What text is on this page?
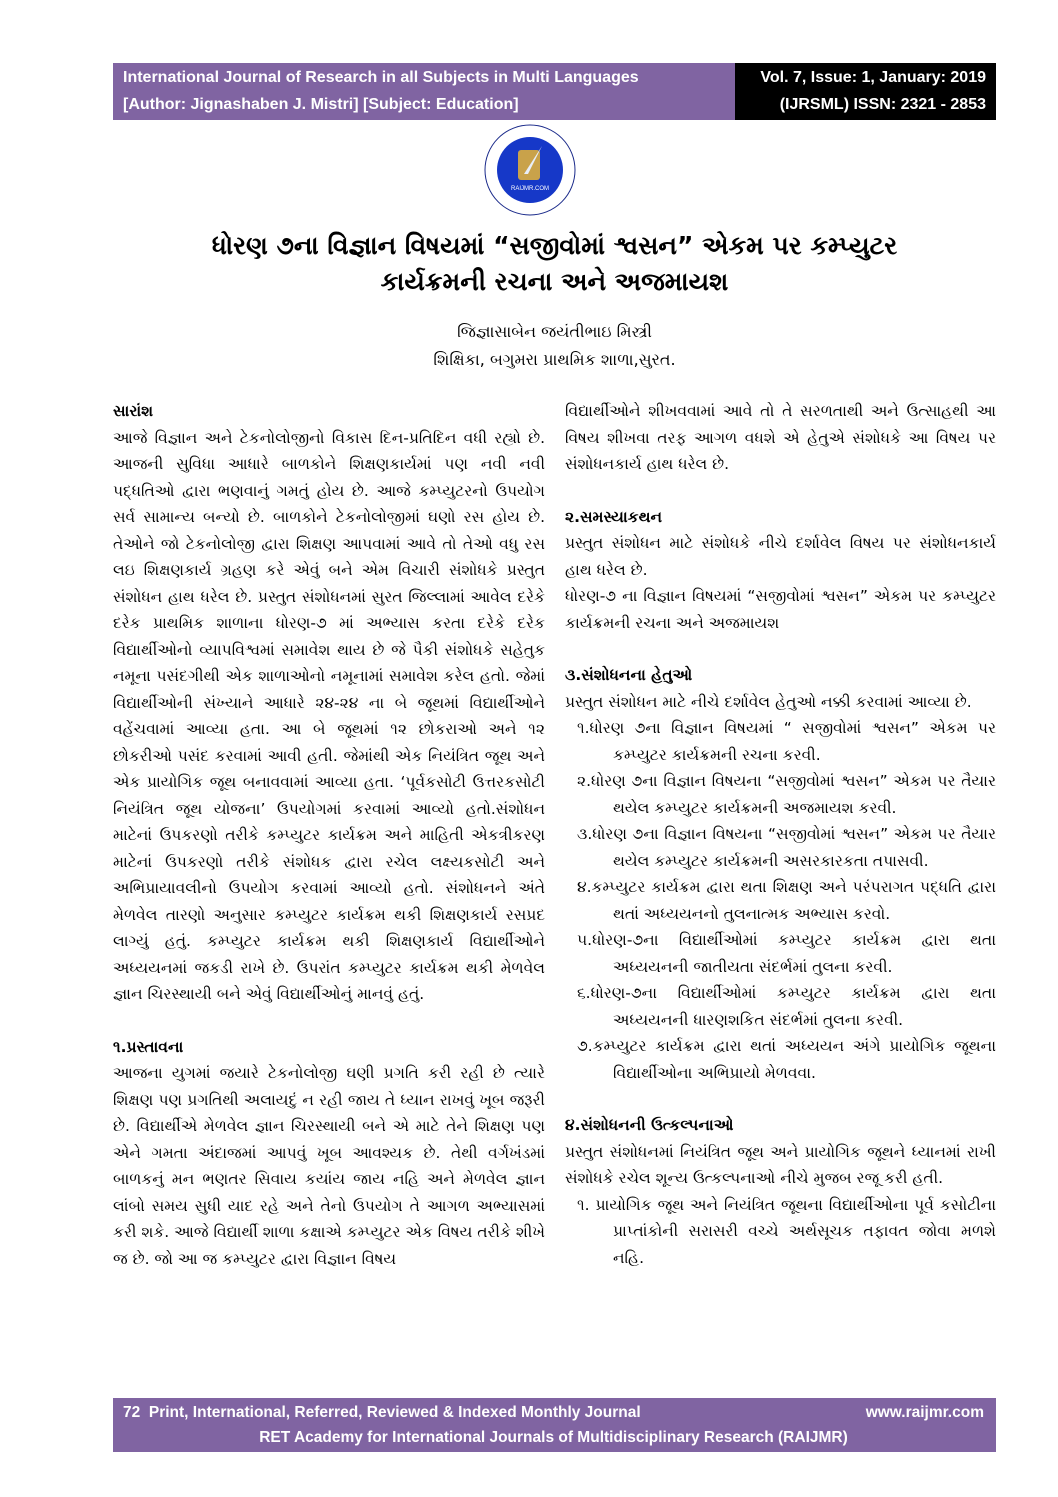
International Journal of Research in all Subjects in Multi Languages
[Author: Jignashaben J. Mistri] [Subject: Education]
Vol. 7, Issue: 1, January: 2019
(IJRSML) ISSN: 2321 - 2853
RAIJMR.COM
ધોરણ ૭ના વિજ્ઞાન વિષયમાં “સજીવોમાં શ્વસન” એકમ પર કમ્પ્યુટર
કાર્યક્રમની રચના અને અજમાયશ
જિજ્ઞાસાબેન જયંતીભાઇ મિસ્ત્રી
શિક્ષિકા, બગુમરા પ્રાથમિક શાળા,સુરત.
સારાંશ

આજે વિજ્ઞાન અને ટેકનોલોજીનો વિકાસ દિન-પ્રતિદિન વધી રહ્યો છે. આજની સુવિધા આધારે બાળકોને શિક્ષણકાર્યમાં પણ નવી નવી પદ્ધતિઓ દ્વારા ભણવાનું ગમતું હોય છે. આજે કમ્પ્યુટરનો ઉપયોગ સર્વ સામાન્ય બન્યો છે. બાળકોને ટેકનોલોજીમાં ઘણો રસ હોય છે. તેઓને જો ટેકનોલોજી દ્વારા શિક્ષણ આપવામાં આવે તો તેઓ વધુ રસ લઇ શિક્ષણકાર્ય ગ્રહણ કરે એવું બને એમ વિચારી સંશોધકે પ્રસ્તુત સંશોધન હાથ ધરેલ છે. પ્રસ્તુત સંશોધનમાં સુરત જિલ્લામાં આવેલ દરેકે દરેક પ્રાથમિક શાળાના ધોરણ-૭ માં અભ્યાસ કરતા દરેકે દરેક વિદ્યાર્થીઓનો વ્યાપવિશ્વમાં સમાવેશ થાય છે જે પૈકી સંશોધકે સહેતુક નમૂના પસંદગીથી એક શાળાઓનો નમૂનામાં સમાવેશ કરેલ હતો. જેમાં વિદ્યાર્થીઓની સંખ્યાને આધારે ૨૪-૨૪ ના બે જૂથમાં વિદ્યાર્થીઓને વહેંચવામાં આવ્યા હતા. આ બે જૂથમાં ૧૨ છોકરાઓ અને ૧૨ છોકરીઓ પસંદ કરવામાં આવી હતી. જેમાંથી એક નિયંત્રિત જૂથ અને એક પ્રાયોગિક જૂથ બનાવવામાં આવ્યા હતા. ‘પૂર્વકસોટી ઉત્તરકસોટી નિયંત્રિત જૂથ યોજના’ ઉપયોગમાં કરવામાં આવ્યો હતો.સંશોધન માટેનાં ઉપકરણો તરીકે કમ્પ્યુટર કાર્યક્રમ અને માહિતી એકત્રીકરણ માટેનાં ઉપકરણો તરીકે સંશોધક દ્વારા રચેલ લક્ષ્યકસોટી અને અભિપ્રાયાવલીનો ઉપયોગ કરવામાં આવ્યો હતો. સંશોધનને અંતે મેળવેલ તારણો અનુસાર કમ્પ્યુટર કાર્યક્રમ થકી શિક્ષણકાર્ય રસપ્રદ લાગ્યું હતું. કમ્પ્યુટર કાર્યક્રમ થકી શિક્ષણકાર્ય વિદ્યાર્થીઓને અધ્યયનમાં જકડી રાખે છે. ઉપરાંત કમ્પ્યુટર કાર્યક્રમ થકી મેળવેલ જ્ઞાન ચિરસ્થાયી બને એવું વિદ્યાર્થીઓનું માનવું હતું.

૧.પ્રસ્તાવના

આજના યુગમાં જયારે ટેકનોલોજી ઘણી પ્રગતિ કરી રહી છે ત્યારે શિક્ષણ પણ પ્રગતિથી અલાયદું ન રહી જાય તે ધ્યાન રાખવું ખૂબ જરૂરી છે. વિદ્યાર્થીએ મેળવેલ જ્ઞાન ચિરસ્થાયી બને એ માટે તેને શિક્ષણ પણ એને ગમતા અંદાજમાં આપવું ખૂબ આવશ્યક છે. તેથી વર્ગખંડમાં બાળકનું મન ભણતર સિવાય કયાંય જાય નહિ અને મેળવેલ જ્ઞાન લાંબો સમય સુધી યાદ રહે અને તેનો ઉપયોગ તે આગળ અભ્યાસમાં કરી શકે. આજે વિદ્યાર્થી શાળા કક્ષાએ કમ્પ્યુટર એક વિષય તરીકે શીખે જ છે. જો આ જ કમ્પ્યુટર દ્વારા વિજ્ઞાન વિષય

વિદ્યાર્થીઓને શીખવવામાં આવે તો તે સરળતાથી અને ઉત્સાહથી આ વિષય શીખવા તરફ આગળ વધશે એ હેતુએ સંશોધકે આ વિષય પર સંશોધનકાર્ય હાથ ધરેલ છે.

૨.સમસ્યાકથન

પ્રસ્તુત સંશોધન માટે સંશોધકે નીચે દર્શાવેલ વિષય પર સંશોધનકાર્ય હાથ ધરેલ છે.

ધોરણ-૭ ના વિજ્ઞાન વિષયમાં “સજીવોમાં શ્વસન” એકમ પર કમ્પ્યુટર કાર્યક્રમની રચના અને અજમાયશ

૩.સંશોધનના હેતુઓ

પ્રસ્તુત સંશોધન માટે નીચે દર્શાવેલ હેતુઓ નક્કી કરવામાં આવ્યા છે.

૧.ધોરણ ૭ના વિજ્ઞાન વિષયમાં “ સજીવોમાં શ્વસન” એકમ પર કમ્પ્યુટર કાર્યક્રમની રચના કરવી.
૨.ધોરણ ૭ના વિજ્ઞાન વિષયના “સજીવોમાં શ્વસન” એકમ પર તૈયાર થયેલ કમ્પ્યુટર કાર્યક્રમની અજમાયશ કરવી.
૩.ધોરણ ૭ના વિજ્ઞાન વિષયના “સજીવોમાં શ્વસન” એકમ પર તૈયાર થયેલ કમ્પ્યુટર કાર્યક્રમની અસરકારકતા તપાસવી.
૪.કમ્પ્યુટર કાર્યક્રમ દ્વારા થતા શિક્ષણ અને પરંપરાગત પદ્ધતિ દ્વારા થતાં અધ્યયનનો તુલનાત્મક અભ્યાસ કરવો.
૫.ધોરણ-૭ના વિદ્યાર્થીઓમાં કમ્પ્યુટર કાર્યક્રમ દ્વારા થતા અધ્યયનની જાતીયતા સંદર્ભમાં તુલના કરવી.
૬.ધોરણ-૭ના વિદ્યાર્થીઓમાં કમ્પ્યુટર કાર્યક્રમ દ્વારા થતા અધ્યયનની ધારણશકિત સંદર્ભમાં તુલના કરવી.
૭.કમ્પ્યુટર કાર્યક્રમ દ્વારા થતાં અધ્યયન અંગે પ્રાયોગિક જૂથના વિદ્યાર્થીઓના અભિપ્રાયો મેળવવા.
૪.સંશોધનની ઉત્કલ્પનાઓ

પ્રસ્તુત સંશોધનમાં નિયંત્રિત જૂથ અને પ્રાયોગિક જૂથને ધ્યાનમાં રાખી સંશોધકે રચેલ શૂન્ય ઉત્કલ્પનાઓ નીચે મુજબ રજૂ કરી હતી.

૧. પ્રાયોગિક જૂથ અને નિયંત્રિત જૂથના વિદ્યાર્થીઓના પૂર્વ કસોટીના પ્રાપ્તાંકોની સરાસરી વચ્ચે અર્થસૂચક તફાવત જોવા મળશે નહિ.
72 Print, International, Referred, Reviewed & Indexed Monthly Journal	www.raijmr.com
RET Academy for International Journals of Multidisciplinary Research (RAIJMR)
